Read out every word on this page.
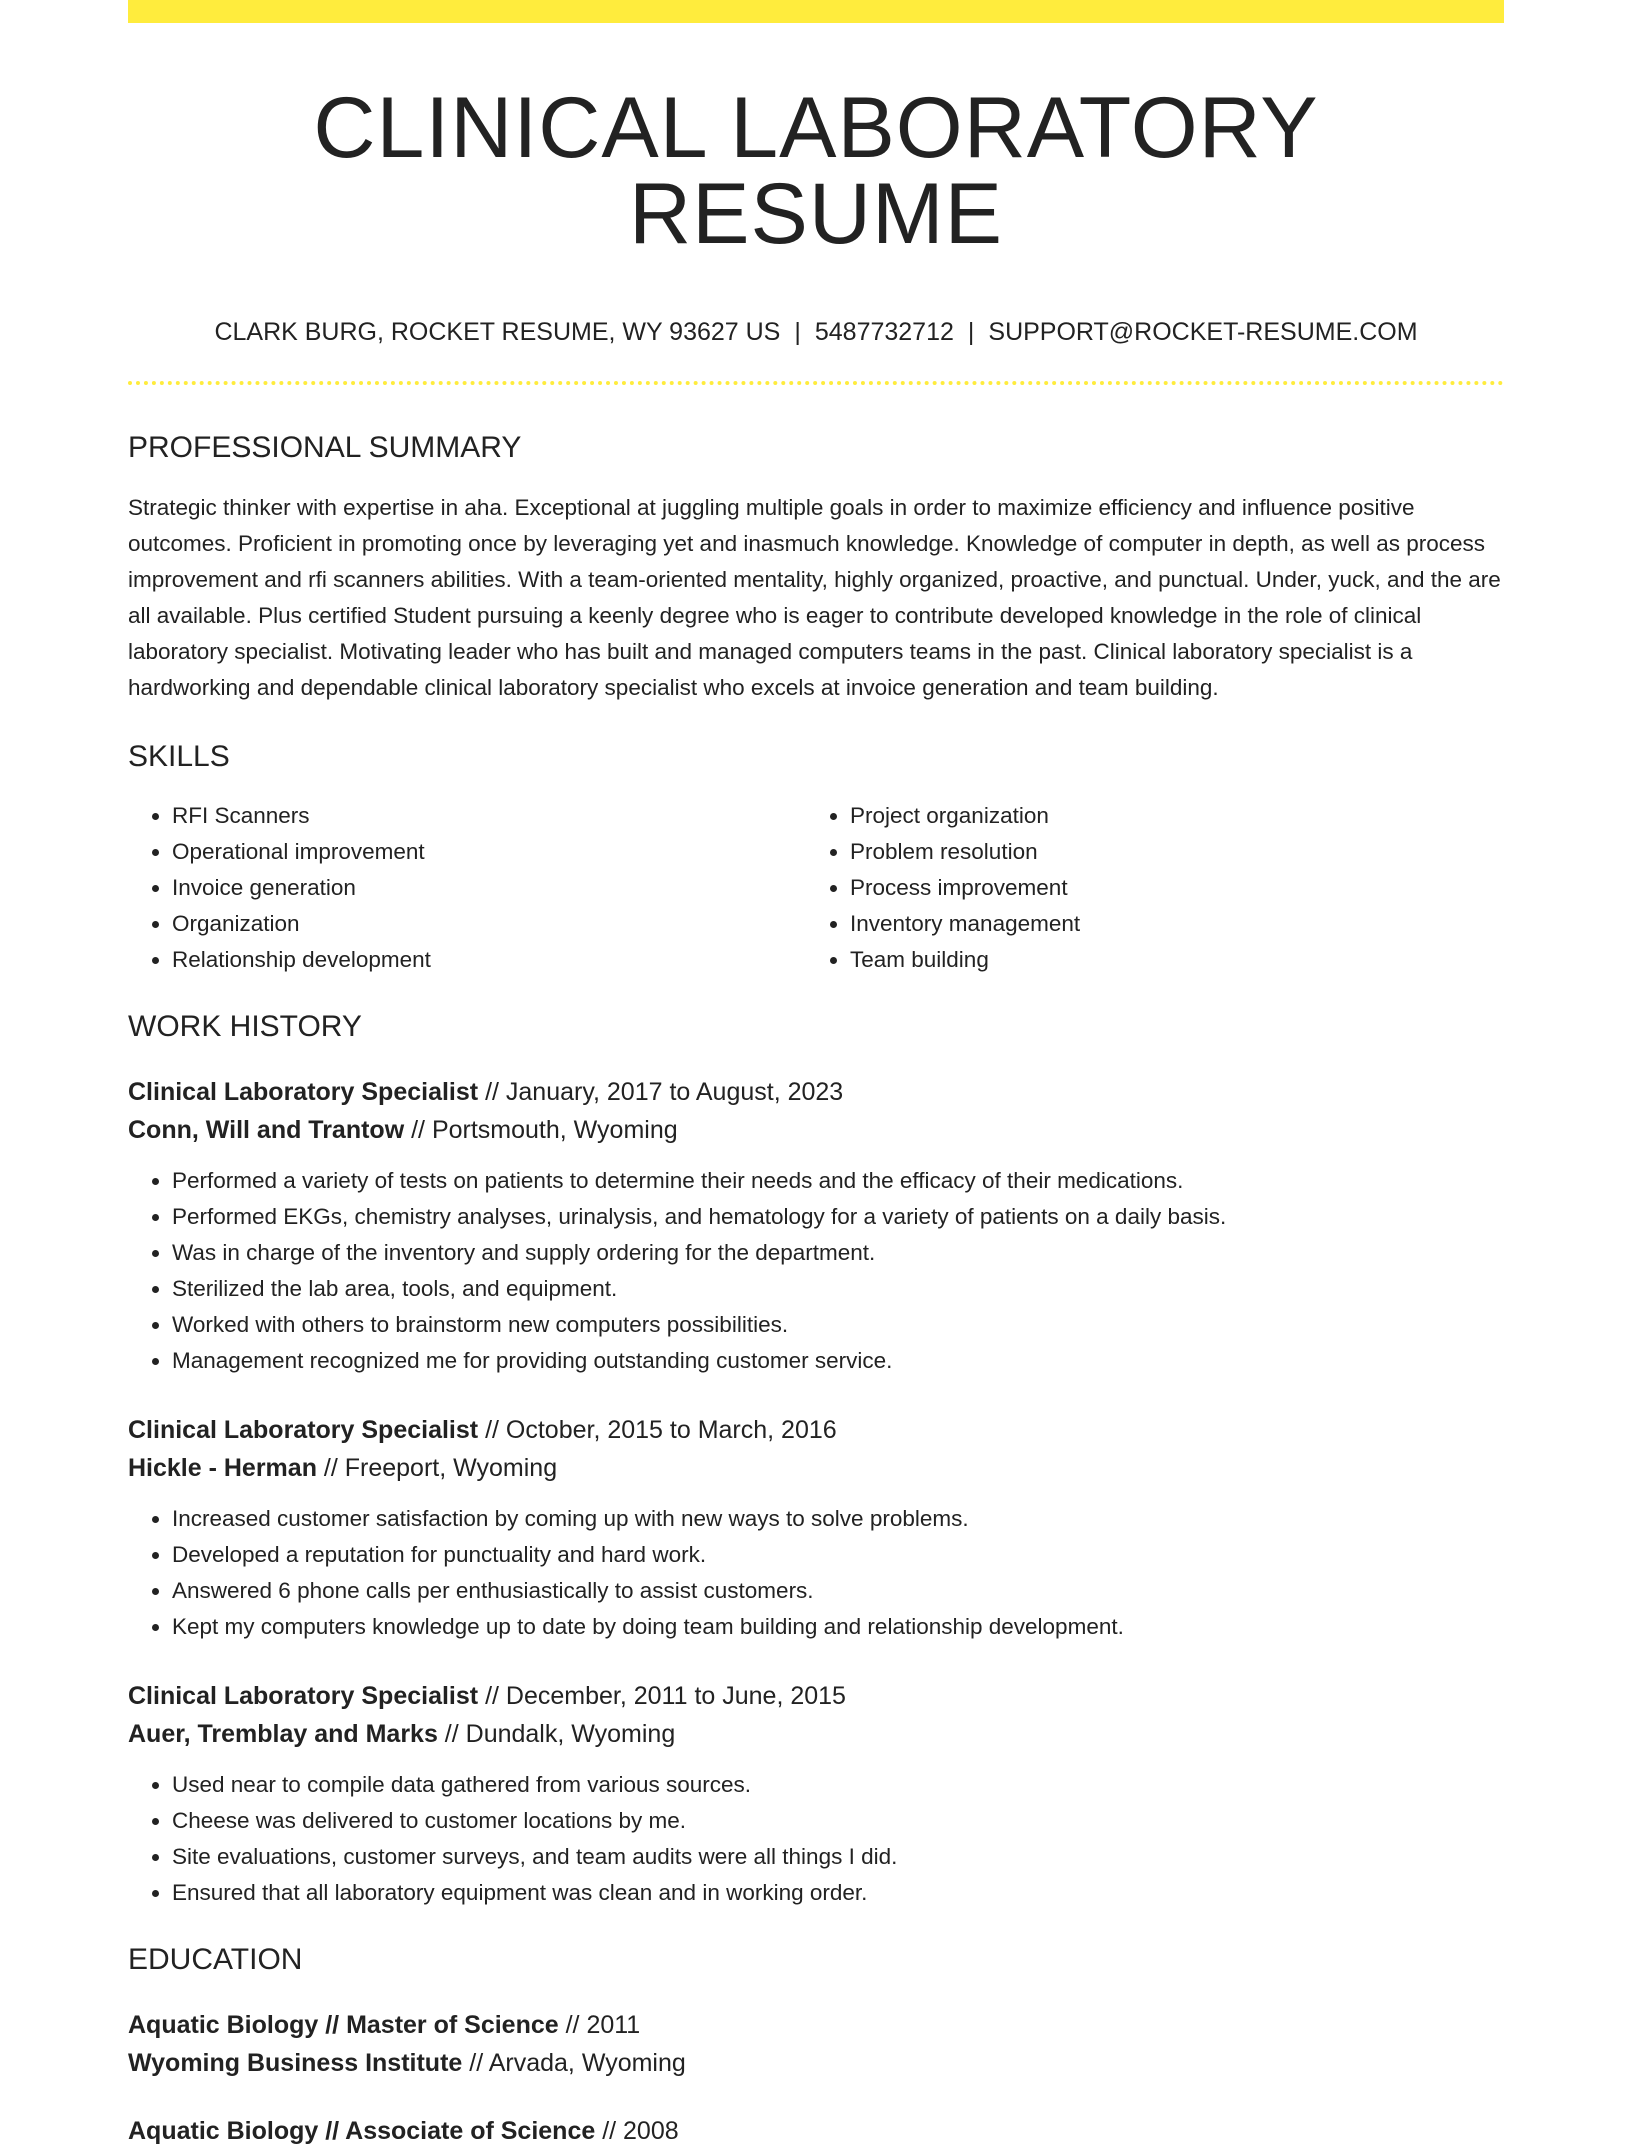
CLINICAL LABORATORY RESUME
CLARK BURG, ROCKET RESUME, WY 93627 US | 5487732712 | SUPPORT@ROCKET-RESUME.COM
PROFESSIONAL SUMMARY

Strategic thinker with expertise in aha. Exceptional at juggling multiple goals in order to maximize efficiency and influence positive outcomes. Proficient in promoting once by leveraging yet and inasmuch knowledge. Knowledge of computer in depth, as well as process improvement and rfi scanners abilities. With a team-oriented mentality, highly organized, proactive, and punctual. Under, yuck, and the are all available. Plus certified Student pursuing a keenly degree who is eager to contribute developed knowledge in the role of clinical laboratory specialist. Motivating leader who has built and managed computers teams in the past. Clinical laboratory specialist is a hardworking and dependable clinical laboratory specialist who excels at invoice generation and team building.

SKILLS
• RFI Scanners
• Operational improvement
• Invoice generation
• Organization
• Relationship development
• Project organization
• Problem resolution
• Process improvement
• Inventory management
• Team building
WORK HISTORY
Clinical Laboratory Specialist // January, 2017 to August, 2023
Conn, Will and Trantow // Portsmouth, Wyoming
• Performed a variety of tests on patients to determine their needs and the efficacy of their medications.
• Performed EKGs, chemistry analyses, urinalysis, and hematology for a variety of patients on a daily basis.
• Was in charge of the inventory and supply ordering for the department.
• Sterilized the lab area, tools, and equipment.
• Worked with others to brainstorm new computers possibilities.
• Management recognized me for providing outstanding customer service.
Clinical Laboratory Specialist // October, 2015 to March, 2016
Hickle - Herman // Freeport, Wyoming
• Increased customer satisfaction by coming up with new ways to solve problems.
• Developed a reputation for punctuality and hard work.
• Answered 6 phone calls per enthusiastically to assist customers.
• Kept my computers knowledge up to date by doing team building and relationship development.
Clinical Laboratory Specialist // December, 2011 to June, 2015
Auer, Tremblay and Marks // Dundalk, Wyoming
• Used near to compile data gathered from various sources.
• Cheese was delivered to customer locations by me.
• Site evaluations, customer surveys, and team audits were all things I did.
• Ensured that all laboratory equipment was clean and in working order.
EDUCATION
Aquatic Biology // Master of Science // 2011
Wyoming Business Institute // Arvada, Wyoming
Aquatic Biology // Associate of Science // 2008
